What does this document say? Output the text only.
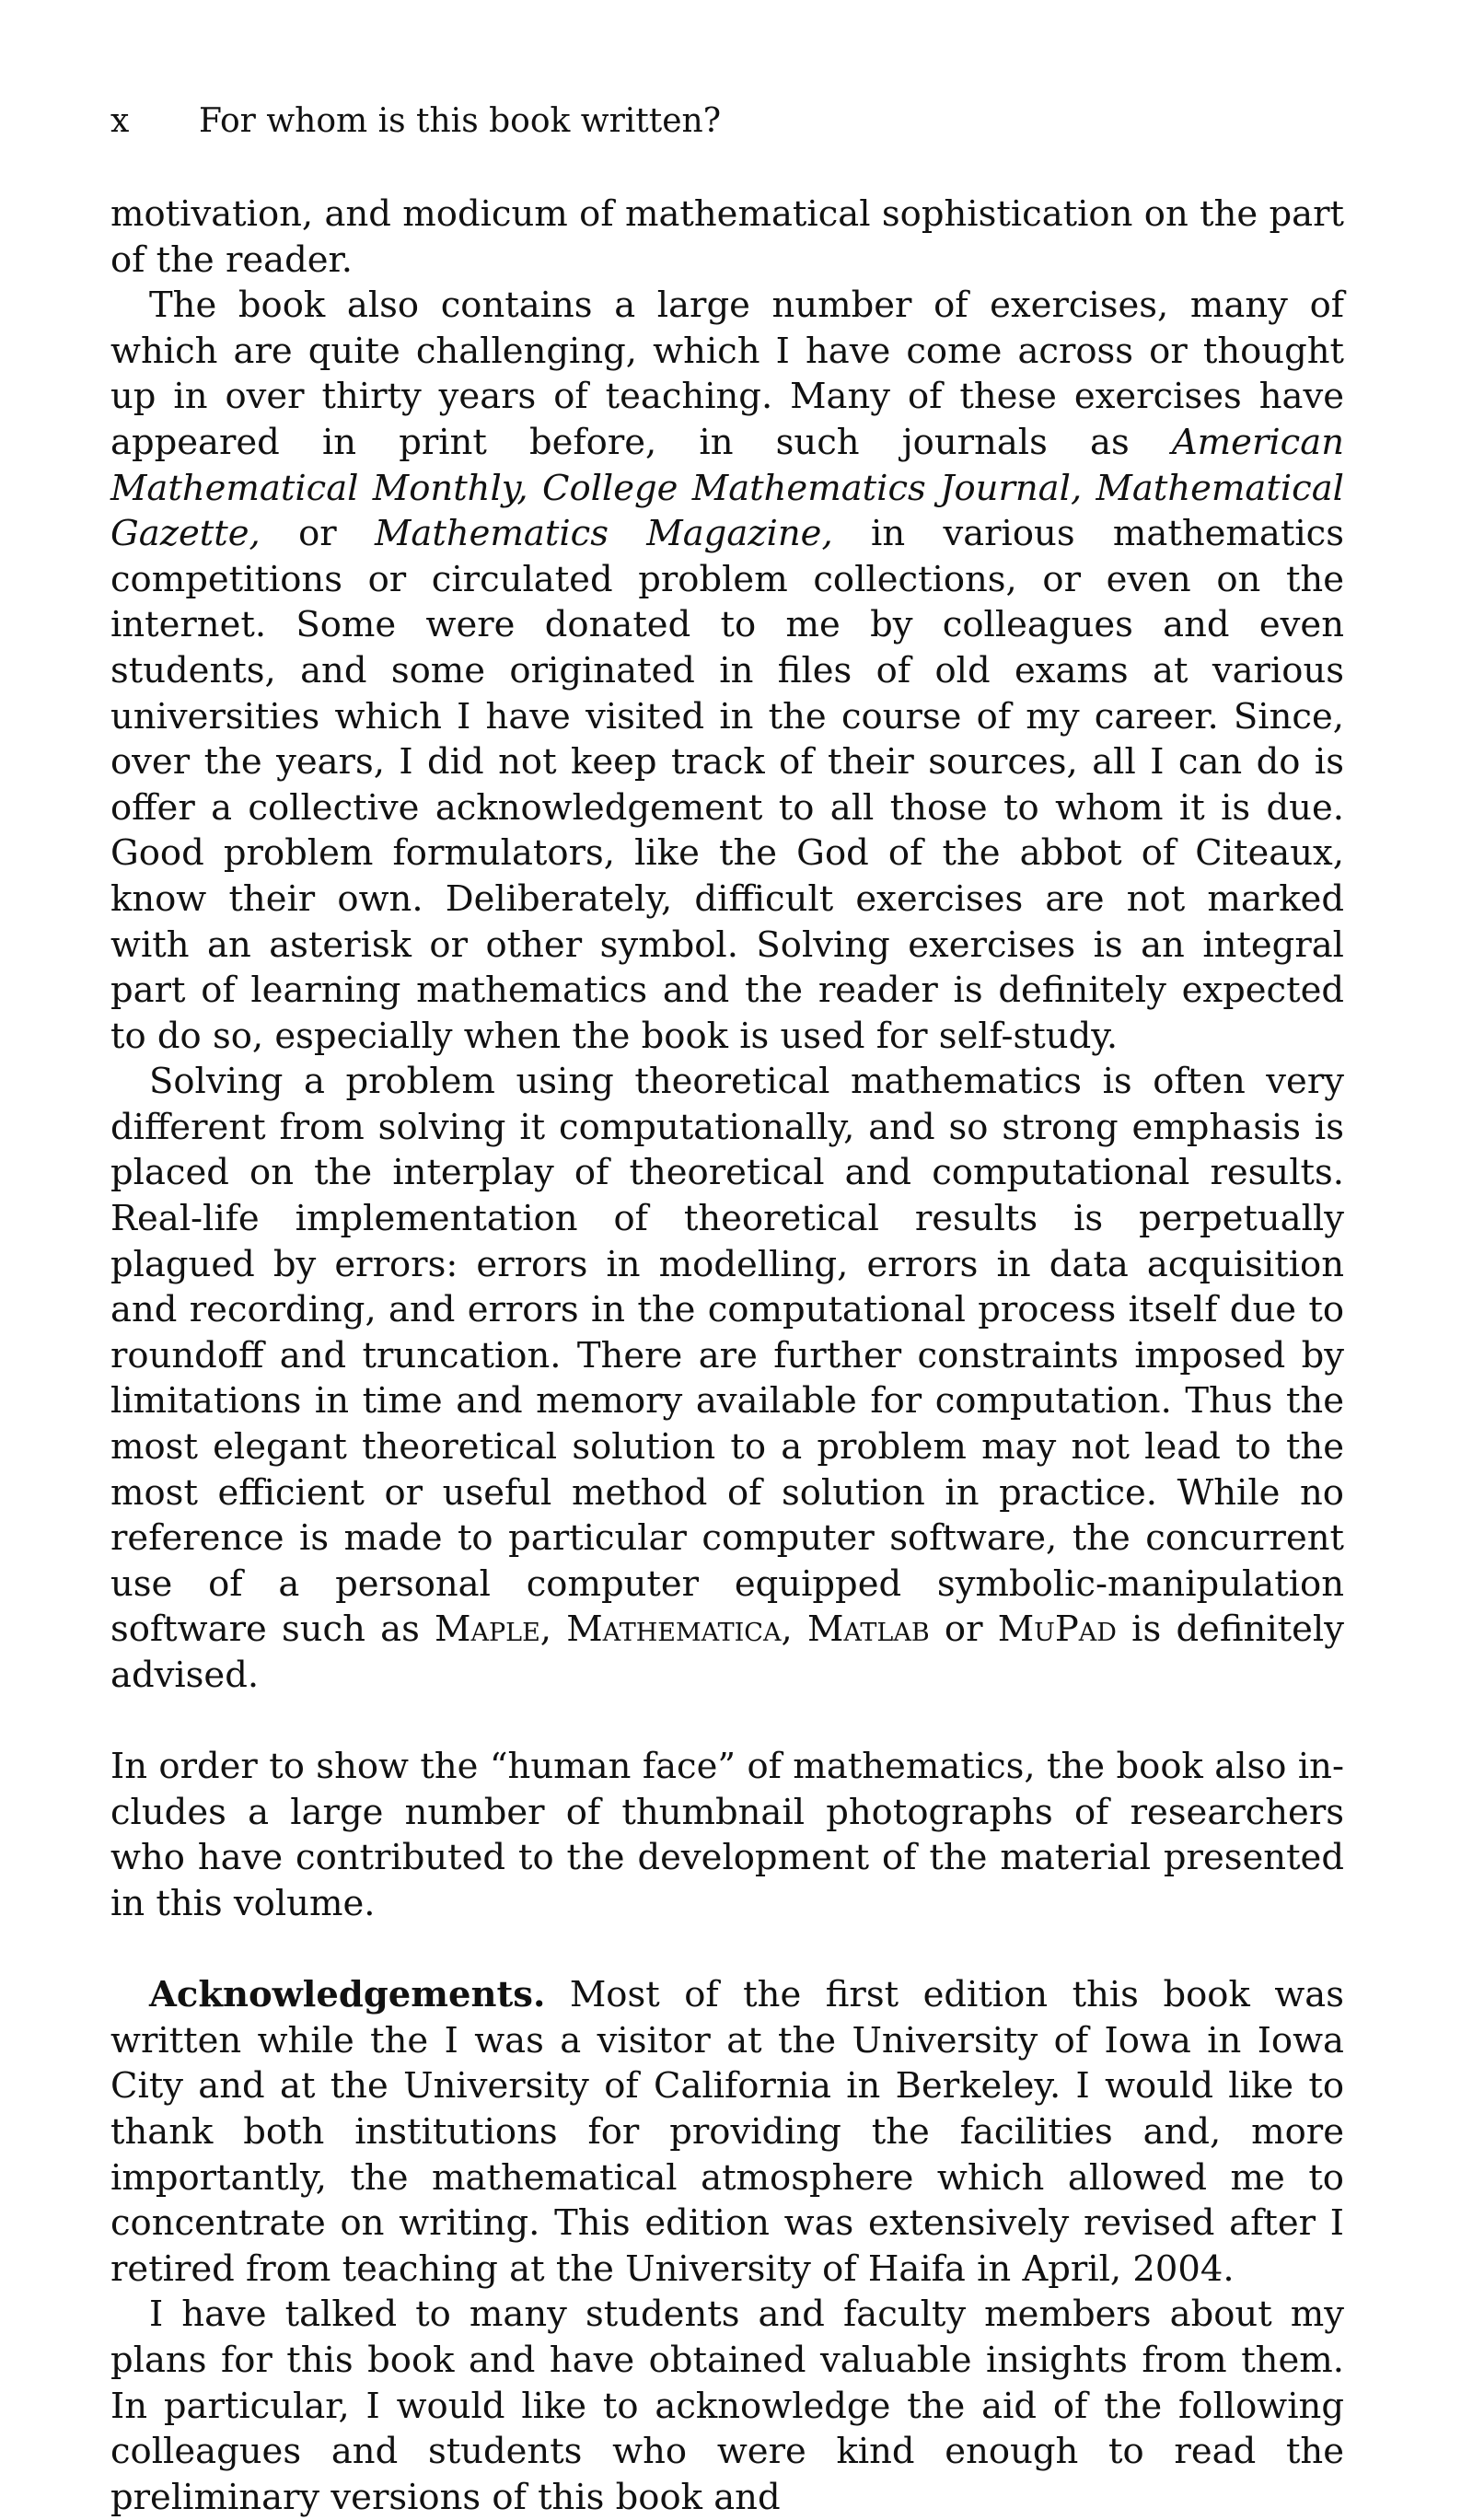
x For whom is this book written?

motivation, and modicum of mathematical sophistication on the part of the reader.

The book also contains a large number of exercises, many of which are quite challenging, which I have come across or thought up in over thirty years of teaching. Many of these exercises have appeared in print before, in such journals as American Mathematical Monthly, College Mathematics Journal, Mathematical Gazette, or Mathematics Magazine, in various mathematics competitions or circulated problem collections, or even on the internet. Some were donated to me by colleagues and even students, and some originated in files of old exams at various universities which I have visited in the course of my career. Since, over the years, I did not keep track of their sources, all I can do is offer a collective acknowledgement to all those to whom it is due. Good problem formulators, like the God of the abbot of Citeaux, know their own. Deliberately, difficult exercises are not marked with an asterisk or other symbol. Solving exercises is an integral part of learning mathematics and the reader is definitely expected to do so, especially when the book is used for self-study.

Solving a problem using theoretical mathematics is often very different from solving it computationally, and so strong emphasis is placed on the interplay of theoretical and computational results. Real-life implementation of theoretical results is perpetually plagued by errors: errors in modelling, errors in data acquisition and recording, and errors in the computational process itself due to roundoff and truncation. There are further constraints imposed by limitations in time and memory available for computation. Thus the most elegant theoretical solution to a problem may not lead to the most efficient or useful method of solution in practice. While no reference is made to particular computer software, the concurrent use of a personal computer equipped symbolic-manipulation software such as Maple, Mathematica, Matlab or MuPad is definitely advised.

In order to show the “human face” of mathematics, the book also includes a large number of thumbnail photographs of researchers who have contributed to the development of the material presented in this volume.

Acknowledgements. Most of the first edition this book was written while the I was a visitor at the University of Iowa in Iowa City and at the University of California in Berkeley. I would like to thank both institutions for providing the facilities and, more importantly, the mathematical atmosphere which allowed me to concentrate on writing. This edition was extensively revised after I retired from teaching at the University of Haifa in April, 2004.

I have talked to many students and faculty members about my plans for this book and have obtained valuable insights from them. In particular, I would like to acknowledge the aid of the following colleagues and students who were kind enough to read the preliminary versions of this book and
